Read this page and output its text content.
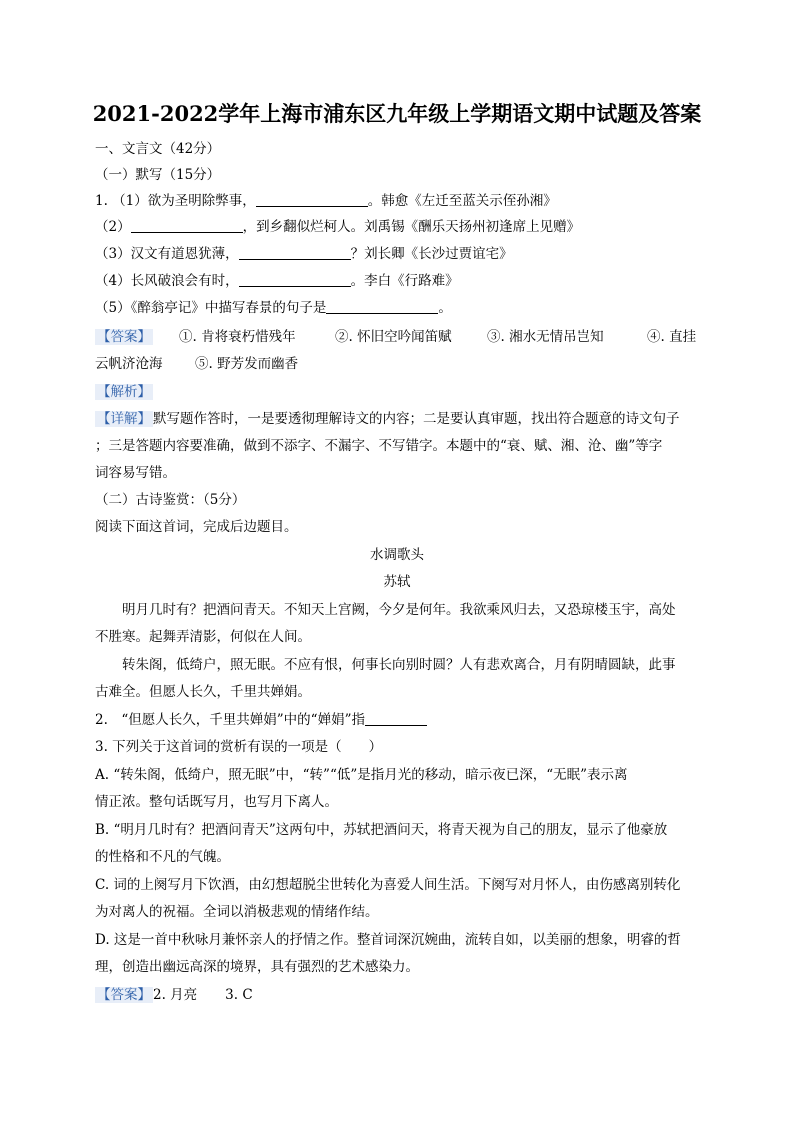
2021-2022学年上海市浦东区九年级上学期语文期中试题及答案
一、文言文（42分）
（一）默写（15分）
1. （1）欲为圣明除弊事，	。韩愈《左迁至蓝关示侄孙湘》
（2）	，到乡翻似烂柯人。刘禹锡《酬乐天扬州初逢席上见赠》
（3）汉文有道恩犹薄，	？刘长卿《长沙过贾谊宅》
（4）长风破浪会有时，	。李白《行路难》
（5）《醉翁亭记》中描写春景的句子是	。
【答案】 ①. 肯将衰朽惜残年	②. 怀旧空吟闻笛赋	③. 湘水无情吊岂知	④. 直挂
云帆济沧海 ⑤. 野芳发而幽香
【解析】
【详解】 默写题作答时，一是要透彻理解诗文的内容；二是要认真审题，找出符合题意的诗文句子
；三是答题内容要准确，做到不添字、不漏字、不写错字。本题中的“衰、赋、湘、沧、幽”等字
词容易写错。
（二）古诗鉴赏：（5分）
阅读下面这首词，完成后边题目。
水调歌头
苏轼
明月几时有？把酒问青天。不知天上宫阙，今夕是何年。我欲乘风归去，又恐琼楼玉宇，高处
不胜寒。起舞弄清影，何似在人间。
转朱阁，低绮户，照无眠。不应有恨，何事长向别时圆？人有悲欢离合，月有阴晴圆缺，此事
古难全。但愿人长久，千里共婵娟。
2.　“但愿人长久，千里共婵娟”中的“婵娟”指
3. 下列关于这首词的赏析有误的一项是（　　）
A. “转朱阁，低绮户，照无眠”中，“转”“低”是指月光的移动，暗示夜已深，“无眠”表示离
情正浓。整句话既写月，也写月下离人。
B. “明月几时有？把酒问青天”这两句中，苏轼把酒问天，将青天视为自己的朋友，显示了他豪放
的性格和不凡的气魄。
C. 词的上阕写月下饮酒，由幻想超脱尘世转化为喜爱人间生活。下阕写对月怀人，由伤感离别转化
为对离人的祝福。全词以消极悲观的情绪作结。
D. 这是一首中秋咏月兼怀亲人的抒情之作。整首词深沉婉曲，流转自如，以美丽的想象，明睿的哲
理，创造出幽远高深的境界，具有强烈的艺术感染力。
【答案】 2. 月亮 3. C
